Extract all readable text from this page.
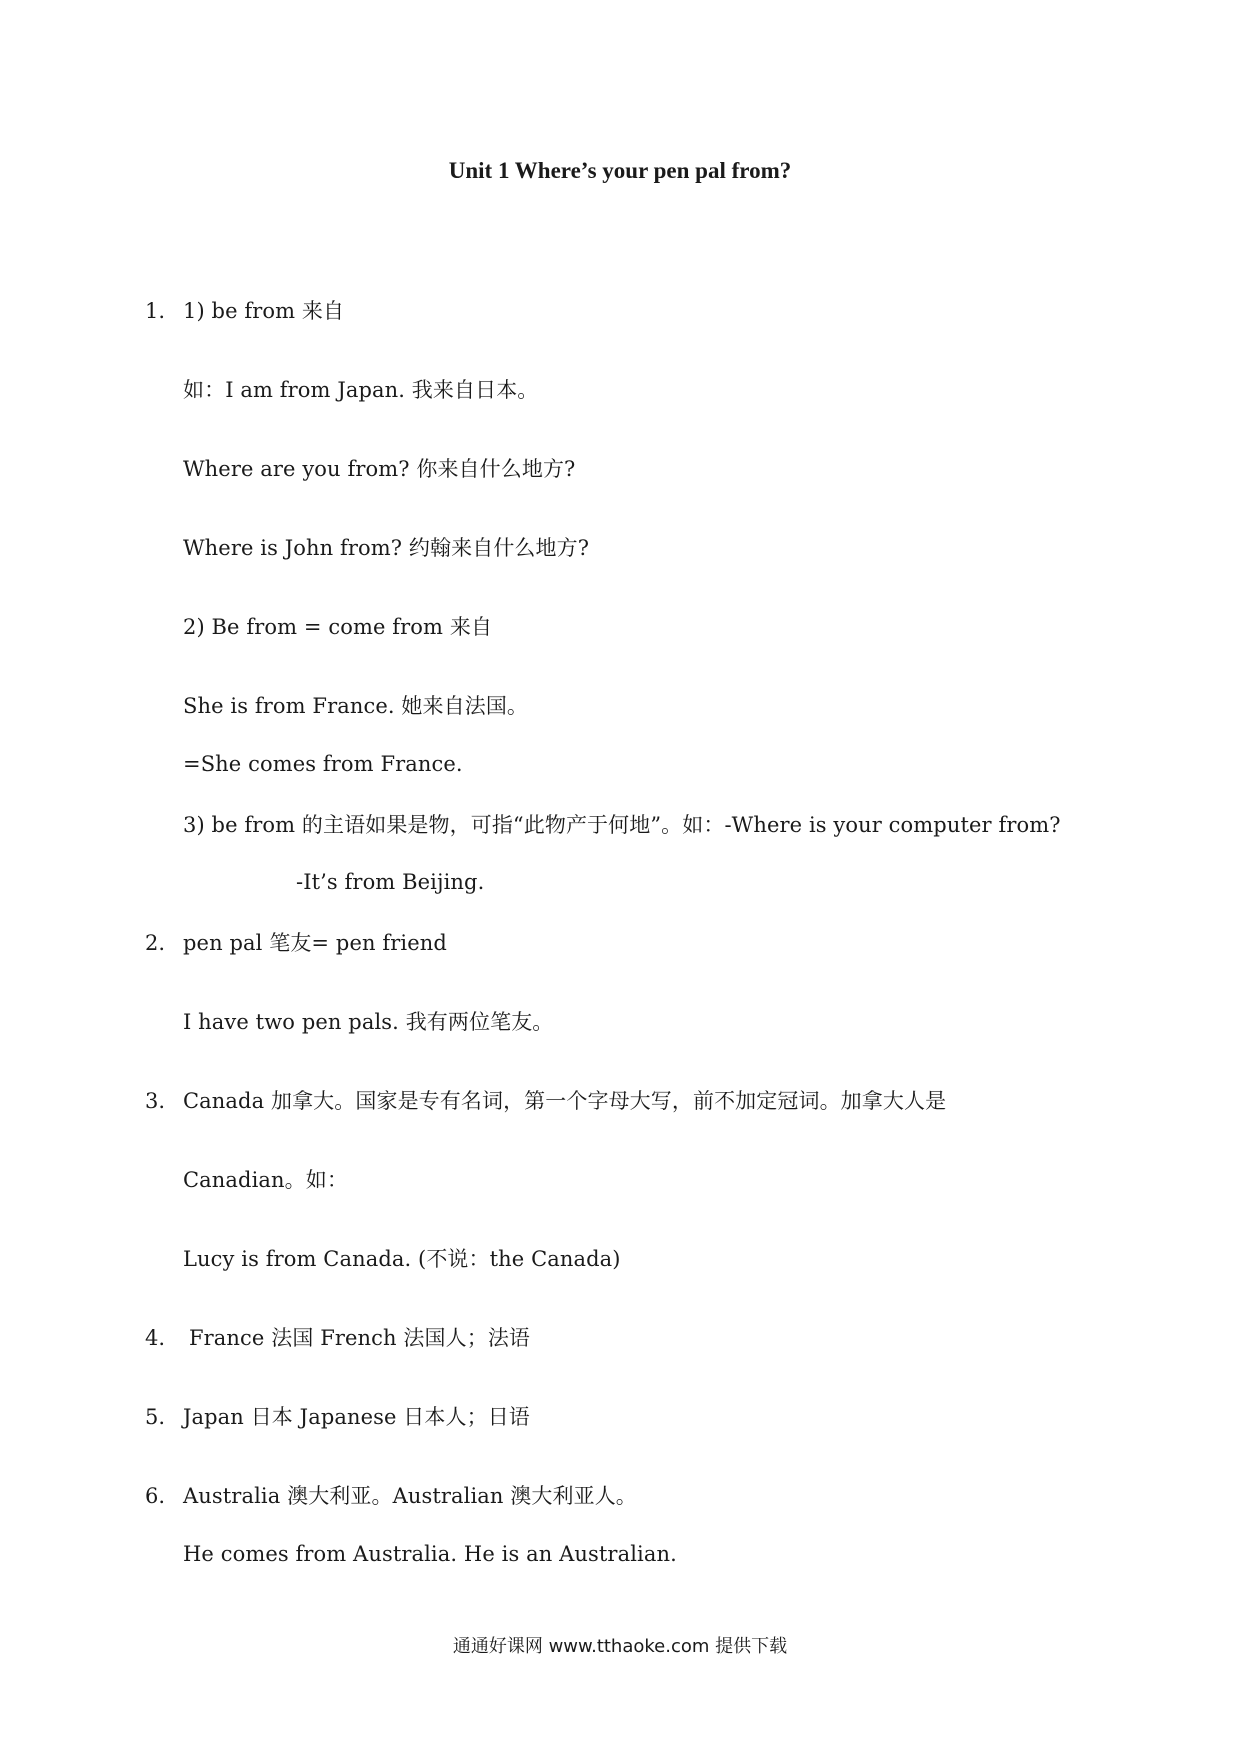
Unit 1 Where’s your pen pal from?
1. 1) be from 来自
如：I am from Japan. 我来自日本。
Where are you from? 你来自什么地方?
Where is John from? 约翰来自什么地方?
2) Be from = come from 来自
She is from France. 她来自法国。
=She comes from France.
3) be from 的主语如果是物，可指“此物产于何地”。如：-Where is your computer from?
-It’s from Beijing.
2. pen pal 笔友= pen friend
I have two pen pals. 我有两位笔友。
3. Canada 加拿大。国家是专有名词，第一个字母大写，前不加定冠词。加拿大人是
Canadian。如：
Lucy is from Canada. (不说：the Canada)
4. France 法国 French 法国人；法语
5. Japan 日本 Japanese 日本人；日语
6. Australia 澳大利亚。Australian 澳大利亚人。
He comes from Australia. He is an Australian.
通通好课网 www.tthaoke.com 提供下载
